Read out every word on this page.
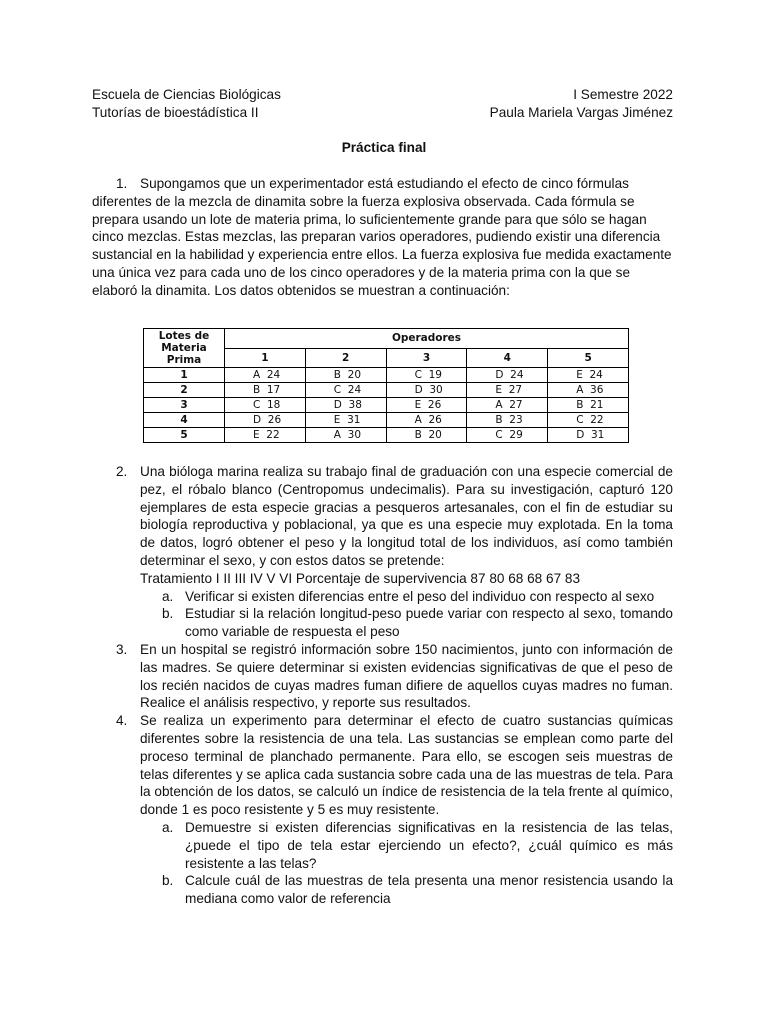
Escuela de Ciencias Biológicas	I Semestre 2022
Tutorías de bioestádística II	Paula Mariela Vargas Jiménez
Práctica final
1. Supongamos que un experimentador está estudiando el efecto de cinco fórmulas diferentes de la mezcla de dinamita sobre la fuerza explosiva observada. Cada fórmula se prepara usando un lote de materia prima, lo suficientemente grande para que sólo se hagan cinco mezclas. Estas mezclas, las preparan varios operadores, pudiendo existir una diferencia sustancial en la habilidad y experiencia entre ellos. La fuerza explosiva fue medida exactamente una única vez para cada uno de los cinco operadores y de la materia prima con la que se elaboró la dinamita. Los datos obtenidos se muestran a continuación:
Lotes de Materia Prima	Operadores				
	1	2	3	4	5
1	A  24	B  20	C  19	D  24	E  24
2	B  17	C  24	D  30	E  27	A  36
3	C  18	D  38	E  26	A  27	B  21
4	D  26	E  31	A  26	B  23	C  22
5	E  22	A  30	B  20	C  29	D  31
2. Una bióloga marina realiza su trabajo final de graduación con una especie comercial de pez, el róbalo blanco (Centropomus undecimalis). Para su investigación, capturó 120 ejemplares de esta especie gracias a pesqueros artesanales, con el fin de estudiar su biología reproductiva y poblacional, ya que es una especie muy explotada. En la toma de datos, logró obtener el peso y la longitud total de los individuos, así como también determinar el sexo, y con estos datos se pretende:
Tratamiento I II III IV V VI Porcentaje de supervivencia 87 80 68 68 67 83
a. Verificar si existen diferencias entre el peso del individuo con respecto al sexo
b. Estudiar si la relación longitud-peso puede variar con respecto al sexo, tomando como variable de respuesta el peso
3. En un hospital se registró información sobre 150 nacimientos, junto con información de las madres. Se quiere determinar si existen evidencias significativas de que el peso de los recién nacidos de cuyas madres fuman difiere de aquellos cuyas madres no fuman. Realice el análisis respectivo, y reporte sus resultados.
4. Se realiza un experimento para determinar el efecto de cuatro sustancias químicas diferentes sobre la resistencia de una tela. Las sustancias se emplean como parte del proceso terminal de planchado permanente. Para ello, se escogen seis muestras de telas diferentes y se aplica cada sustancia sobre cada una de las muestras de tela. Para la obtención de los datos, se calculó un índice de resistencia de la tela frente al químico, donde 1 es poco resistente y 5 es muy resistente.
a. Demuestre si existen diferencias significativas en la resistencia de las telas, ¿puede el tipo de tela estar ejerciendo un efecto?, ¿cuál químico es más resistente a las telas?
b. Calcule cuál de las muestras de tela presenta una menor resistencia usando la mediana como valor de referencia
